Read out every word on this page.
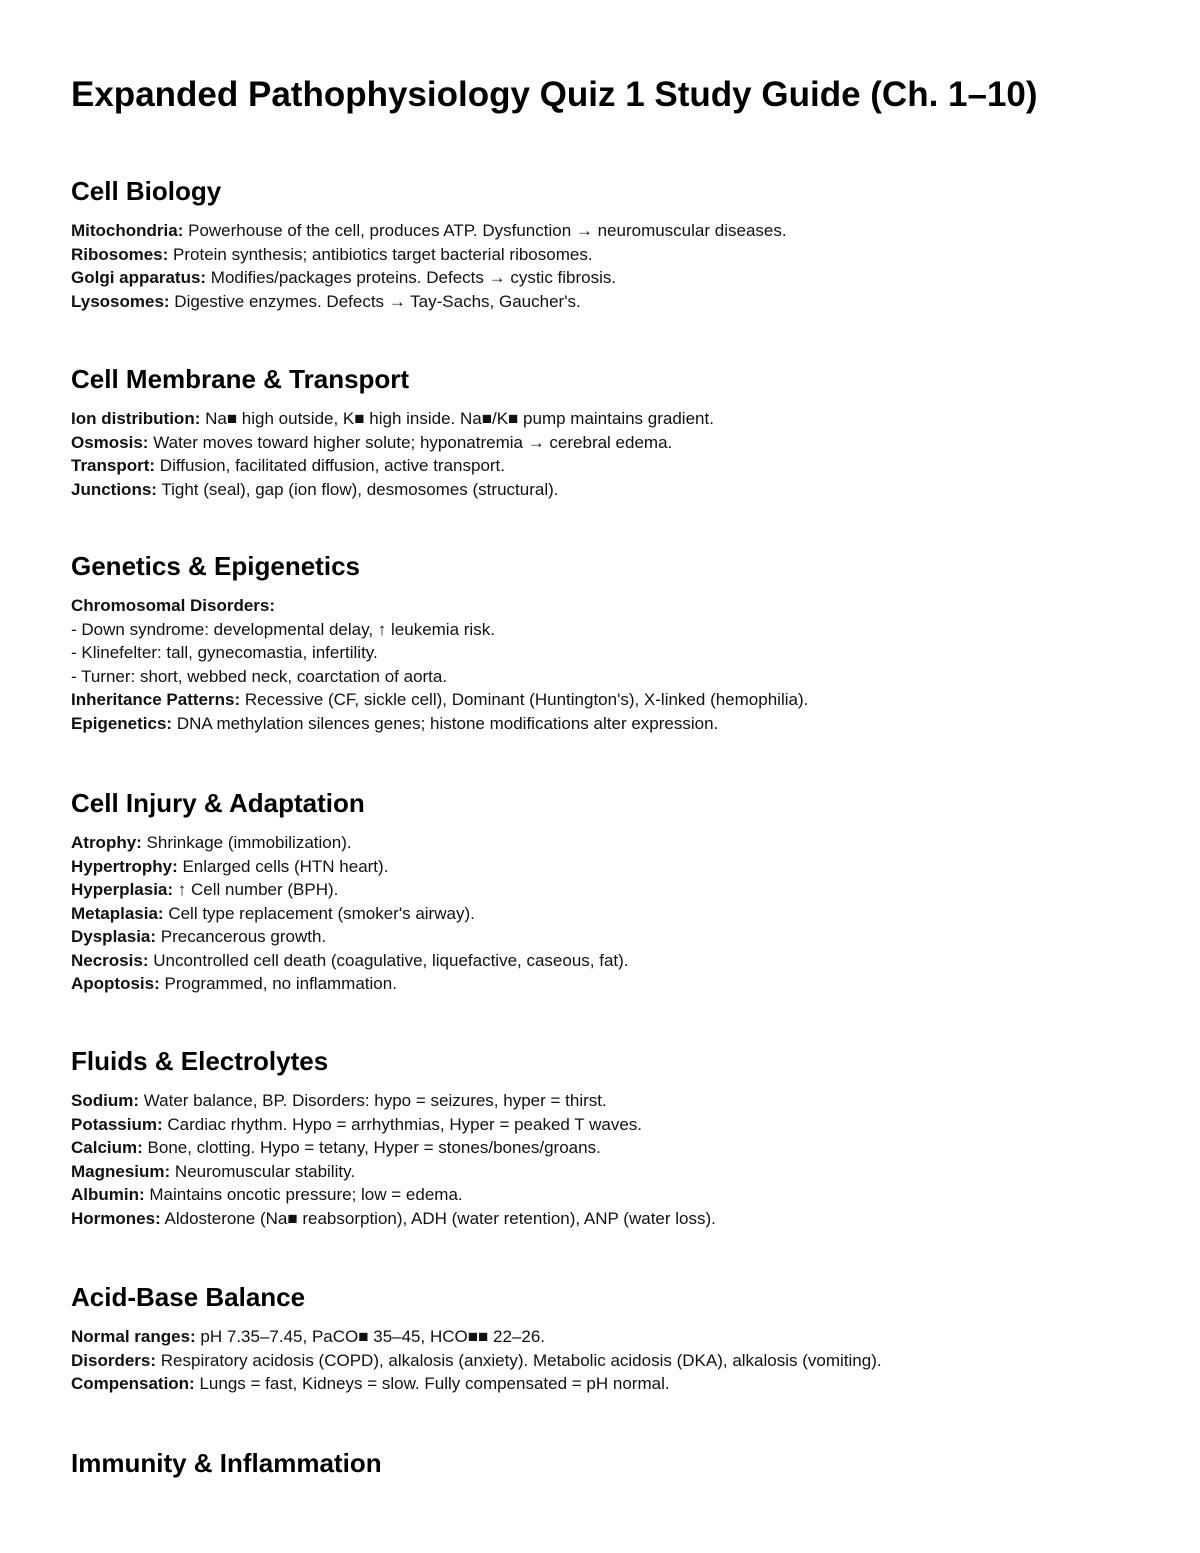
Expanded Pathophysiology Quiz 1 Study Guide (Ch. 1–10)
Cell Biology
Mitochondria: Powerhouse of the cell, produces ATP. Dysfunction → neuromuscular diseases.
Ribosomes: Protein synthesis; antibiotics target bacterial ribosomes.
Golgi apparatus: Modifies/packages proteins. Defects → cystic fibrosis.
Lysosomes: Digestive enzymes. Defects → Tay-Sachs, Gaucher's.
Cell Membrane & Transport
Ion distribution: Na■ high outside, K■ high inside. Na■/K■ pump maintains gradient.
Osmosis: Water moves toward higher solute; hyponatremia → cerebral edema.
Transport: Diffusion, facilitated diffusion, active transport.
Junctions: Tight (seal), gap (ion flow), desmosomes (structural).
Genetics & Epigenetics
Chromosomal Disorders:
- Down syndrome: developmental delay, ↑ leukemia risk.
- Klinefelter: tall, gynecomastia, infertility.
- Turner: short, webbed neck, coarctation of aorta.
Inheritance Patterns: Recessive (CF, sickle cell), Dominant (Huntington's), X-linked (hemophilia).
Epigenetics: DNA methylation silences genes; histone modifications alter expression.
Cell Injury & Adaptation
Atrophy: Shrinkage (immobilization).
Hypertrophy: Enlarged cells (HTN heart).
Hyperplasia: ↑ Cell number (BPH).
Metaplasia: Cell type replacement (smoker's airway).
Dysplasia: Precancerous growth.
Necrosis: Uncontrolled cell death (coagulative, liquefactive, caseous, fat).
Apoptosis: Programmed, no inflammation.
Fluids & Electrolytes
Sodium: Water balance, BP. Disorders: hypo = seizures, hyper = thirst.
Potassium: Cardiac rhythm. Hypo = arrhythmias, Hyper = peaked T waves.
Calcium: Bone, clotting. Hypo = tetany, Hyper = stones/bones/groans.
Magnesium: Neuromuscular stability.
Albumin: Maintains oncotic pressure; low = edema.
Hormones: Aldosterone (Na■ reabsorption), ADH (water retention), ANP (water loss).
Acid-Base Balance
Normal ranges: pH 7.35–7.45, PaCO■ 35–45, HCO■■ 22–26.
Disorders: Respiratory acidosis (COPD), alkalosis (anxiety). Metabolic acidosis (DKA), alkalosis (vomiting).
Compensation: Lungs = fast, Kidneys = slow. Fully compensated = pH normal.
Immunity & Inflammation
